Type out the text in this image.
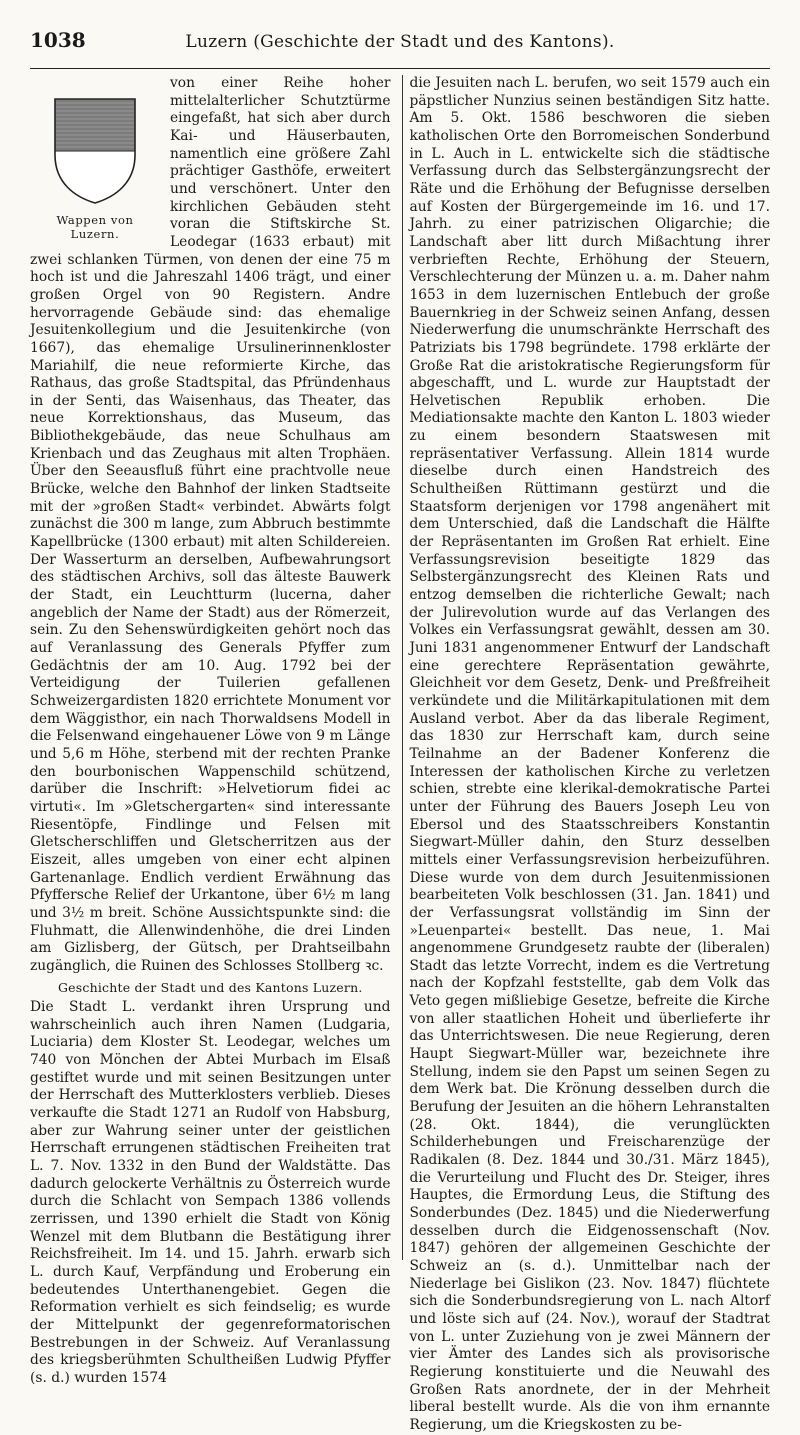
1038	Luzern (Geschichte der Stadt und des Kantons).
Wappen von
Luzern.

von einer Reihe hoher mittelalterlicher Schutztürme eingefaßt, hat sich aber durch Kai- und Häuserbauten, namentlich eine größere Zahl prächtiger Gasthöfe, erweitert und verschönert. Unter den kirchlichen Gebäuden steht voran die Stiftskirche St. Leodegar (1633 erbaut) mit zwei schlanken Türmen, von denen der eine 75 m hoch ist und die Jahreszahl 1406 trägt, und einer großen Orgel von 90 Registern. Andre hervorragende Gebäude sind: das ehemalige Jesuitenkollegium und die Jesuitenkirche (von 1667), das ehemalige Ursulinerinnenkloster Mariahilf, die neue reformierte Kirche, das Rathaus, das große Stadtspital, das Pfründenhaus in der Senti, das Waisenhaus, das Theater, das neue Korrektionshaus, das Museum, das Bibliothekgebäude, das neue Schulhaus am Krienbach und das Zeughaus mit alten Trophäen. Über den Seeausfluß führt eine prachtvolle neue Brücke, welche den Bahnhof der linken Stadtseite mit der »großen Stadt« verbindet. Abwärts folgt zunächst die 300 m lange, zum Abbruch bestimmte Kapellbrücke (1300 erbaut) mit alten Schildereien. Der Wasserturm an derselben, Aufbewahrungsort des städtischen Archivs, soll das älteste Bauwerk der Stadt, ein Leuchtturm (lucerna, daher angeblich der Name der Stadt) aus der Römerzeit, sein. Zu den Sehenswürdigkeiten gehört noch das auf Veranlassung des Generals Pfyffer zum Gedächtnis der am 10. Aug. 1792 bei der Verteidigung der Tuilerien gefallenen Schweizergardisten 1820 errichtete Monument vor dem Wäggisthor, ein nach Thorwaldsens Modell in die Felsenwand eingehauener Löwe von 9 m Länge und 5,6 m Höhe, sterbend mit der rechten Pranke den bourbonischen Wappenschild schützend, darüber die Inschrift: »Helvetiorum fidei ac virtuti«. Im »Gletschergarten« sind interessante Riesentöpfe, Findlinge und Felsen mit Gletscherschliffen und Gletscherritzen aus der Eiszeit, alles umgeben von einer echt alpinen Gartenanlage. Endlich verdient Erwähnung das Pfyffersche Relief der Urkantone, über 6½ m lang und 3½ m breit. Schöne Aussichtspunkte sind: die Fluhmatt, die Allenwindenhöhe, die drei Linden am Gizlisberg, der Gütsch, per Drahtseilbahn zugänglich, die Ruinen des Schlosses Stollberg ꝛc.

Geschichte der Stadt und des Kantons Luzern.

Die Stadt L. verdankt ihren Ursprung und wahrscheinlich auch ihren Namen (Ludgaria, Luciaria) dem Kloster St. Leodegar, welches um 740 von Mönchen der Abtei Murbach im Elsaß gestiftet wurde und mit seinen Besitzungen unter der Herrschaft des Mutterklosters verblieb. Dieses verkaufte die Stadt 1271 an Rudolf von Habsburg, aber zur Wahrung seiner unter der geistlichen Herrschaft errungenen städtischen Freiheiten trat L. 7. Nov. 1332 in den Bund der Waldstätte. Das dadurch gelockerte Verhältnis zu Österreich wurde durch die Schlacht von Sempach 1386 vollends zerrissen, und 1390 erhielt die Stadt von König Wenzel mit dem Blutbann die Bestätigung ihrer Reichsfreiheit. Im 14. und 15. Jahrh. erwarb sich L. durch Kauf, Verpfändung und Eroberung ein bedeutendes Unterthanengebiet. Gegen die Reformation verhielt es sich feindselig; es wurde der Mittelpunkt der gegenreformatorischen Bestrebungen in der Schweiz. Auf Veranlassung des kriegsberühmten Schultheißen Ludwig Pfyffer (s. d.) wurden 1574

die Jesuiten nach L. berufen, wo seit 1579 auch ein päpstlicher Nunzius seinen beständigen Sitz hatte. Am 5. Okt. 1586 beschworen die sieben katholischen Orte den Borromeischen Sonderbund in L. Auch in L. entwickelte sich die städtische Verfassung durch das Selbstergänzungsrecht der Räte und die Erhöhung der Befugnisse derselben auf Kosten der Bürgergemeinde im 16. und 17. Jahrh. zu einer patrizischen Oligarchie; die Landschaft aber litt durch Mißachtung ihrer verbrieften Rechte, Erhöhung der Steuern, Verschlechterung der Münzen u. a. m. Daher nahm 1653 in dem luzernischen Entlebuch der große Bauernkrieg in der Schweiz seinen Anfang, dessen Niederwerfung die unumschränkte Herrschaft des Patriziats bis 1798 begründete. 1798 erklärte der Große Rat die aristokratische Regierungsform für abgeschafft, und L. wurde zur Hauptstadt der Helvetischen Republik erhoben. Die Mediationsakte machte den Kanton L. 1803 wieder zu einem besondern Staatswesen mit repräsentativer Verfassung. Allein 1814 wurde dieselbe durch einen Handstreich des Schultheißen Rüttimann gestürzt und die Staatsform derjenigen vor 1798 angenähert mit dem Unterschied, daß die Landschaft die Hälfte der Repräsentanten im Großen Rat erhielt. Eine Verfassungsrevision beseitigte 1829 das Selbstergänzungsrecht des Kleinen Rats und entzog demselben die richterliche Gewalt; nach der Julirevolution wurde auf das Verlangen des Volkes ein Verfassungsrat gewählt, dessen am 30. Juni 1831 angenommener Entwurf der Landschaft eine gerechtere Repräsentation gewährte, Gleichheit vor dem Gesetz, Denk- und Preßfreiheit verkündete und die Militärkapitulationen mit dem Ausland verbot. Aber da das liberale Regiment, das 1830 zur Herrschaft kam, durch seine Teilnahme an der Badener Konferenz die Interessen der katholischen Kirche zu verletzen schien, strebte eine klerikal-demokratische Partei unter der Führung des Bauers Joseph Leu von Ebersol und des Staatsschreibers Konstantin Siegwart-Müller dahin, den Sturz desselben mittels einer Verfassungsrevision herbeizuführen. Diese wurde von dem durch Jesuitenmissionen bearbeiteten Volk beschlossen (31. Jan. 1841) und der Verfassungsrat vollständig im Sinn der »Leuenpartei« bestellt. Das neue, 1. Mai angenommene Grundgesetz raubte der (liberalen) Stadt das letzte Vorrecht, indem es die Vertretung nach der Kopfzahl feststellte, gab dem Volk das Veto gegen mißliebige Gesetze, befreite die Kirche von aller staatlichen Hoheit und überlieferte ihr das Unterrichtswesen. Die neue Regierung, deren Haupt Siegwart-Müller war, bezeichnete ihre Stellung, indem sie den Papst um seinen Segen zu dem Werk bat. Die Krönung desselben durch die Berufung der Jesuiten an die höhern Lehranstalten (28. Okt. 1844), die verunglückten Schilderhebungen und Freischarenzüge der Radikalen (8. Dez. 1844 und 30./31. März 1845), die Verurteilung und Flucht des Dr. Steiger, ihres Hauptes, die Ermordung Leus, die Stiftung des Sonderbundes (Dez. 1845) und die Niederwerfung desselben durch die Eidgenossenschaft (Nov. 1847) gehören der allgemeinen Geschichte der Schweiz an (s. d.). Unmittelbar nach der Niederlage bei Gislikon (23. Nov. 1847) flüchtete sich die Sonderbundsregierung von L. nach Altorf und löste sich auf (24. Nov.), worauf der Stadtrat von L. unter Zuziehung von je zwei Männern der vier Ämter des Landes sich als provisorische Regierung konstituierte und die Neuwahl des Großen Rats anordnete, der in der Mehrheit liberal bestellt wurde. Als die von ihm ernannte Regierung, um die Kriegskosten zu be-
